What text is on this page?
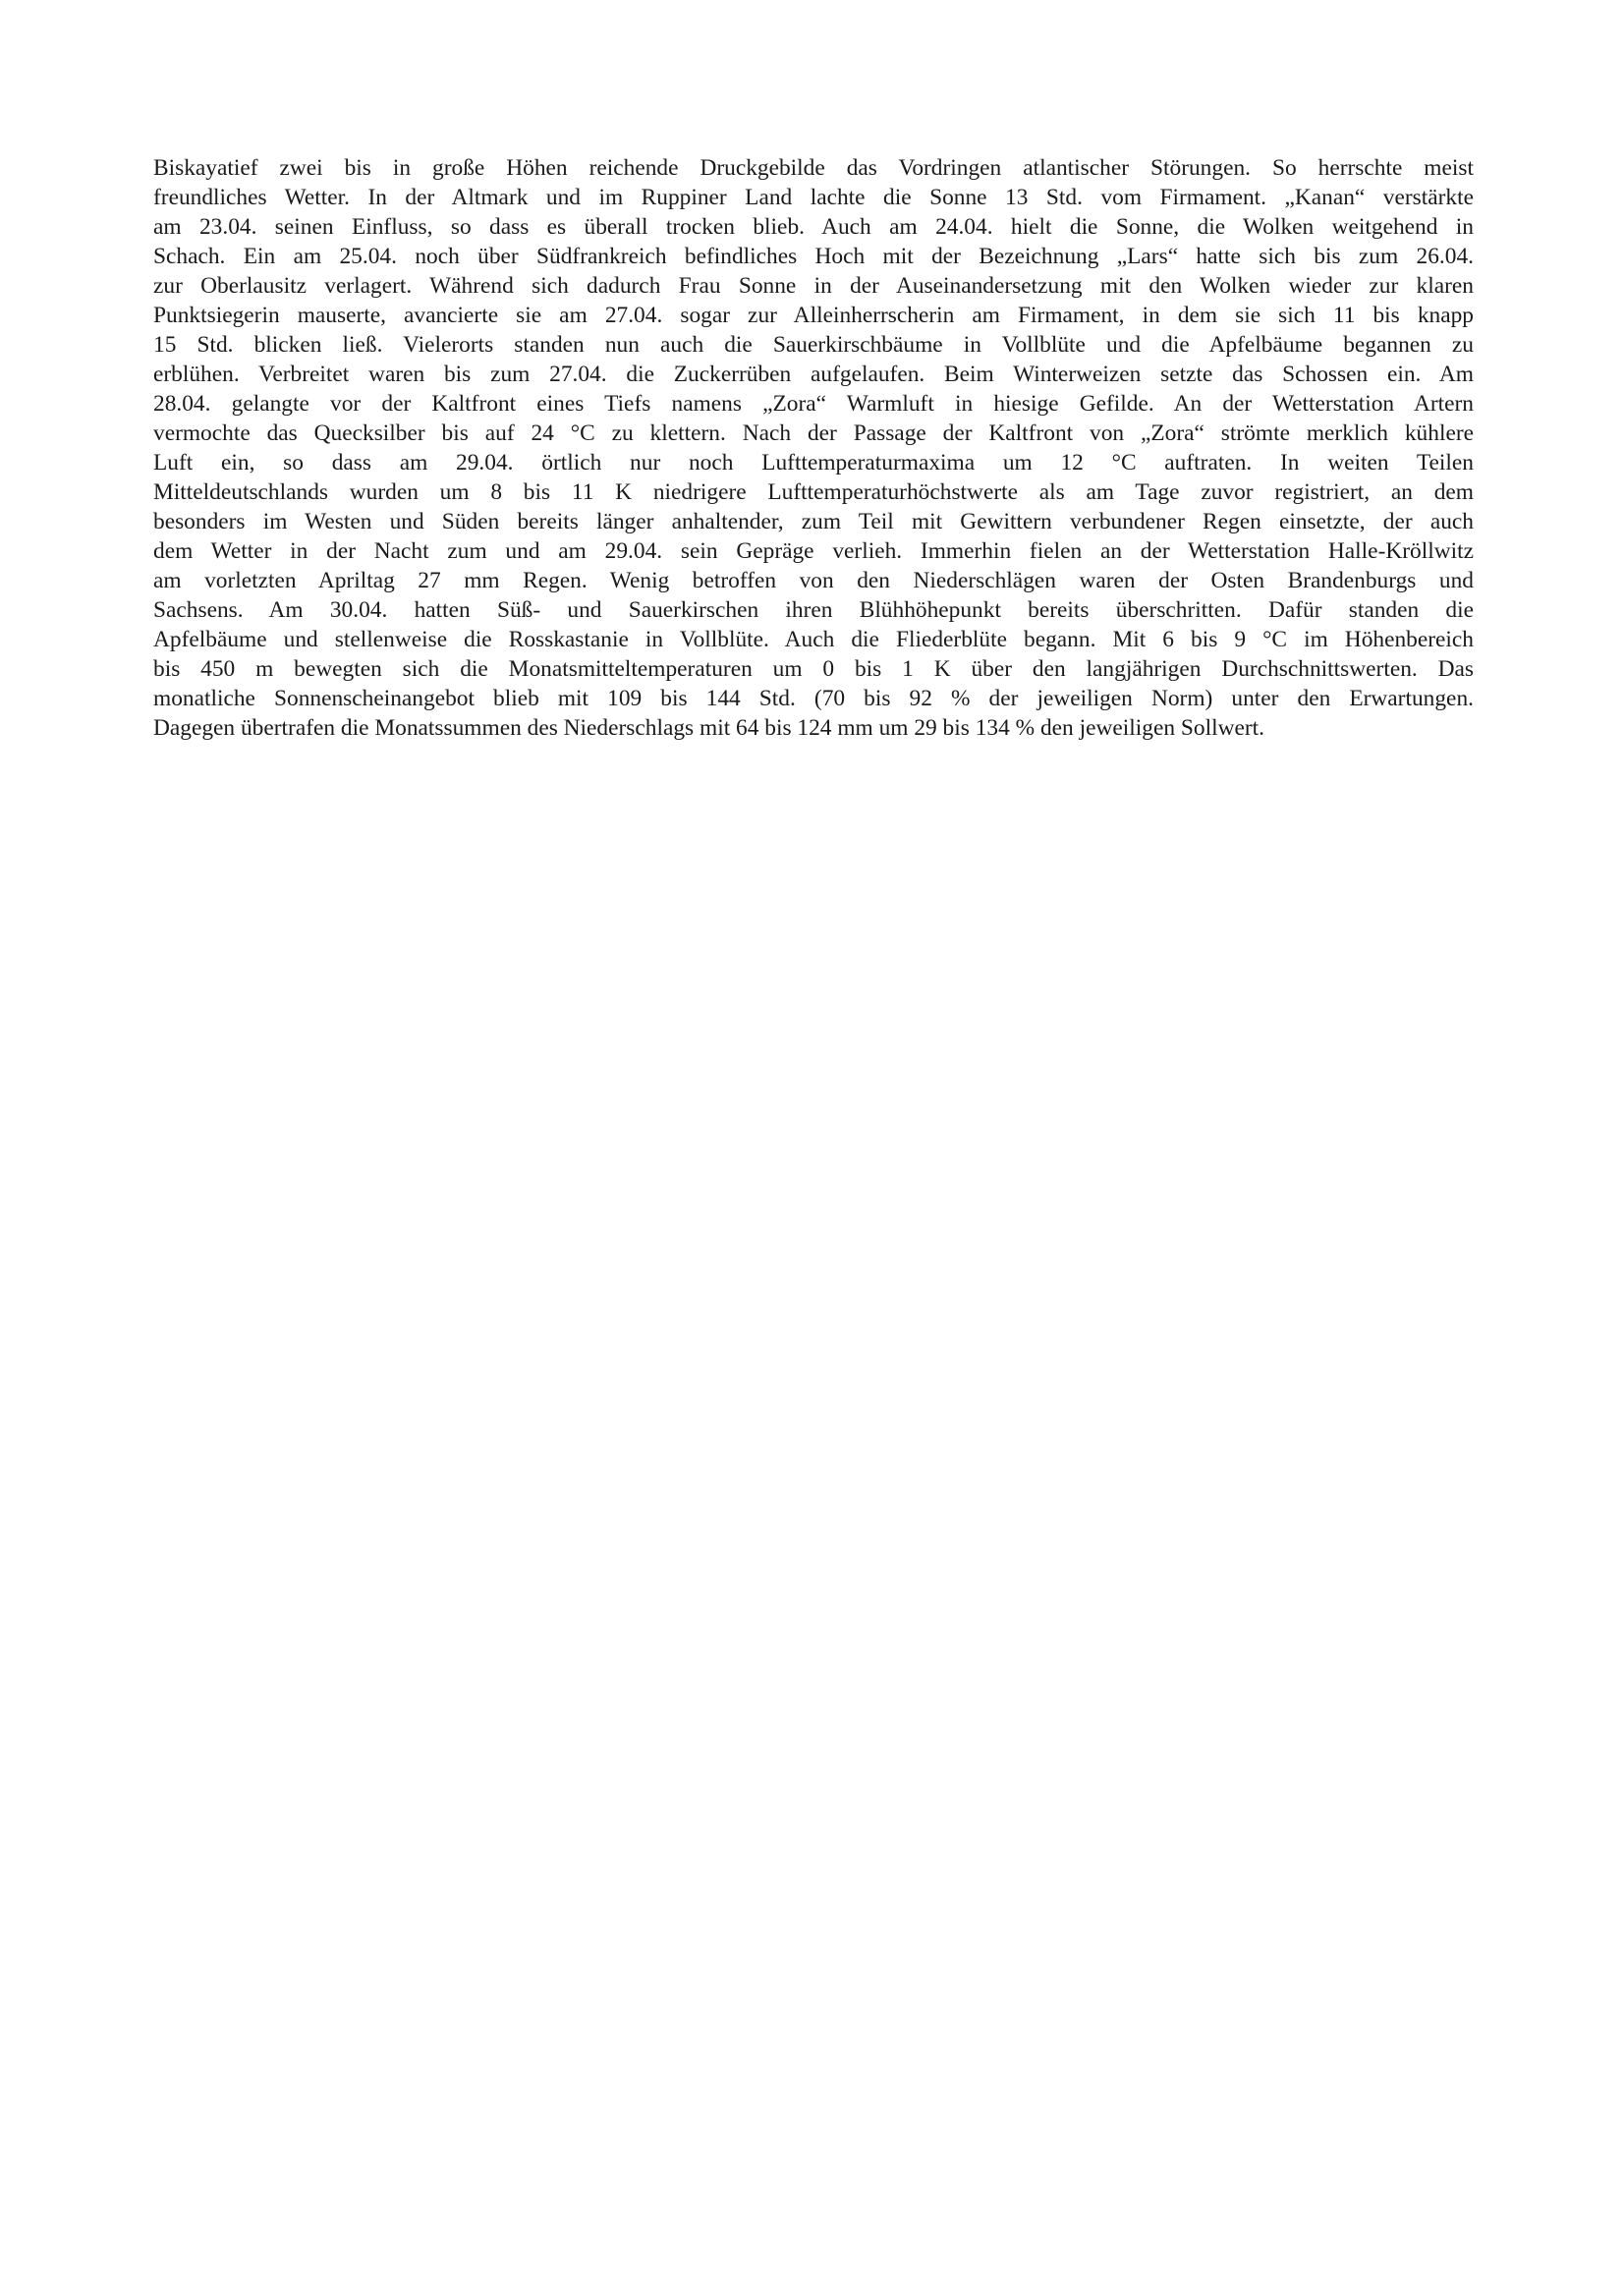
Biskayatief zwei bis in große Höhen reichende Druckgebilde das Vordringen atlantischer Störungen. So herrschte meist
freundliches Wetter. In der Altmark und im Ruppiner Land lachte die Sonne 13 Std. vom Firmament. „Kanan“ verstärkte
am 23.04. seinen Einfluss, so dass es überall trocken blieb. Auch am 24.04. hielt die Sonne, die Wolken weitgehend in
Schach. Ein am 25.04. noch über Südfrankreich befindliches Hoch mit der Bezeichnung „Lars“ hatte sich bis zum 26.04.
zur Oberlausitz verlagert. Während sich dadurch Frau Sonne in der Auseinandersetzung mit den Wolken wieder zur klaren
Punktsiegerin mauserte, avancierte sie am 27.04. sogar zur Alleinherrscherin am Firmament, in dem sie sich 11 bis knapp
15 Std. blicken ließ. Vielerorts standen nun auch die Sauerkirschbäume in Vollblüte und die Apfelbäume begannen zu
erblühen. Verbreitet waren bis zum 27.04. die Zuckerrüben aufgelaufen. Beim Winterweizen setzte das Schossen ein. Am
28.04. gelangte vor der Kaltfront eines Tiefs namens „Zora“ Warmluft in hiesige Gefilde. An der Wetterstation Artern
vermochte das Quecksilber bis auf 24 °C zu klettern. Nach der Passage der Kaltfront von „Zora“ strömte merklich kühlere
Luft ein, so dass am 29.04. örtlich nur noch Lufttemperaturmaxima um 12 °C auftraten. In weiten Teilen
Mitteldeutschlands wurden um 8 bis 11 K niedrigere Lufttemperaturhöchstwerte als am Tage zuvor registriert, an dem
besonders im Westen und Süden bereits länger anhaltender, zum Teil mit Gewittern verbundener Regen einsetzte, der auch
dem Wetter in der Nacht zum und am 29.04. sein Gepräge verlieh. Immerhin fielen an der Wetterstation Halle-Kröllwitz
am vorletzten Apriltag 27 mm Regen. Wenig betroffen von den Niederschlägen waren der Osten Brandenburgs und
Sachsens. Am 30.04. hatten Süß- und Sauerkirschen ihren Blühhöhepunkt bereits überschritten. Dafür standen die
Apfelbäume und stellenweise die Rosskastanie in Vollblüte. Auch die Fliederblüte begann. Mit 6 bis 9 °C im Höhenbereich
bis 450 m bewegten sich die Monatsmitteltemperaturen um 0 bis 1 K über den langjährigen Durchschnittswerten. Das
monatliche Sonnenscheinangebot blieb mit 109 bis 144 Std. (70 bis 92 % der jeweiligen Norm) unter den Erwartungen.
Dagegen übertrafen die Monatssummen des Niederschlags mit 64 bis 124 mm um 29 bis 134 % den jeweiligen Sollwert.
